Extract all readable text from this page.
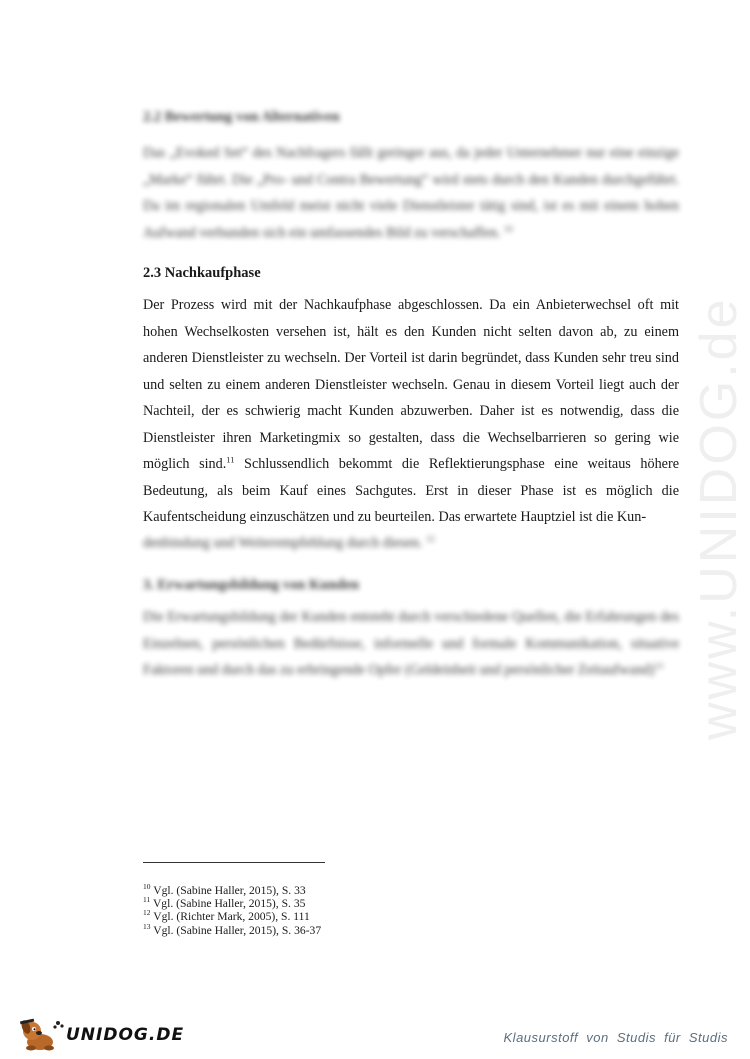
www.UNIDOG.de
2.2 Bewertung von Alternativen
Das „Evoked Set“ des Nachfragers fällt geringer aus, da jeder Unternehmer nur eine einzige „Marke“ führt. Die „Pro- und Contra Bewertung“ wird stets durch den Kunden durchgeführt. Da im regionalen Umfeld meist nicht viele Dienstleister tätig sind, ist es mit einem hohen Aufwand verbunden sich ein umfassendes Bild zu verschaffen. $^{10}$
2.3 Nachkaufphase
Der Prozess wird mit der Nachkaufphase abgeschlossen. Da ein Anbieterwechsel oft mit hohen Wechselkosten versehen ist, hält es den Kunden nicht selten davon ab, zu einem anderen Dienstleister zu wechseln. Der Vorteil ist darin begründet, dass Kunden sehr treu sind und selten zu einem anderen Dienstleister wechseln. Genau in diesem Vorteil liegt auch der Nachteil, der es schwierig macht Kunden abzuwerben. Daher ist es notwendig, dass die Dienstleister ihren Marketingmix so gestalten, dass die Wechselbarrieren so gering wie möglich sind.$^{11}$ Schlussendlich bekommt die Reflektierungsphase eine weitaus höhere Bedeutung, als beim Kauf eines Sachgutes. Erst in dieser Phase ist es möglich die Kaufentscheidung einzuschätzen und zu beurteilen. Das erwartete Hauptziel ist die Kun-
denbindung und Weiterempfehlung durch diesen. $^{12}$
3. Erwartungsbildung von Kunden
Die Erwartungsbildung der Kunden entsteht durch verschiedene Quellen, die Erfahrungen des Einzelnen, persönlichen Bedürfnisse, informelle und formale Kommunikation, situative Faktoren und durch das zu erbringende Opfer (Geldeinheit und persönlicher Zeitaufwand)$^{13}$
$^{10}$ Vgl. (Sabine Haller, 2015), S. 33
$^{11}$ Vgl. (Sabine Haller, 2015), S. 35
$^{12}$ Vgl. (Richter Mark, 2005), S. 111
$^{13}$ Vgl. (Sabine Haller, 2015), S. 36-37
UNIDOG.DE	Klausurstoff von Studis für Studis
